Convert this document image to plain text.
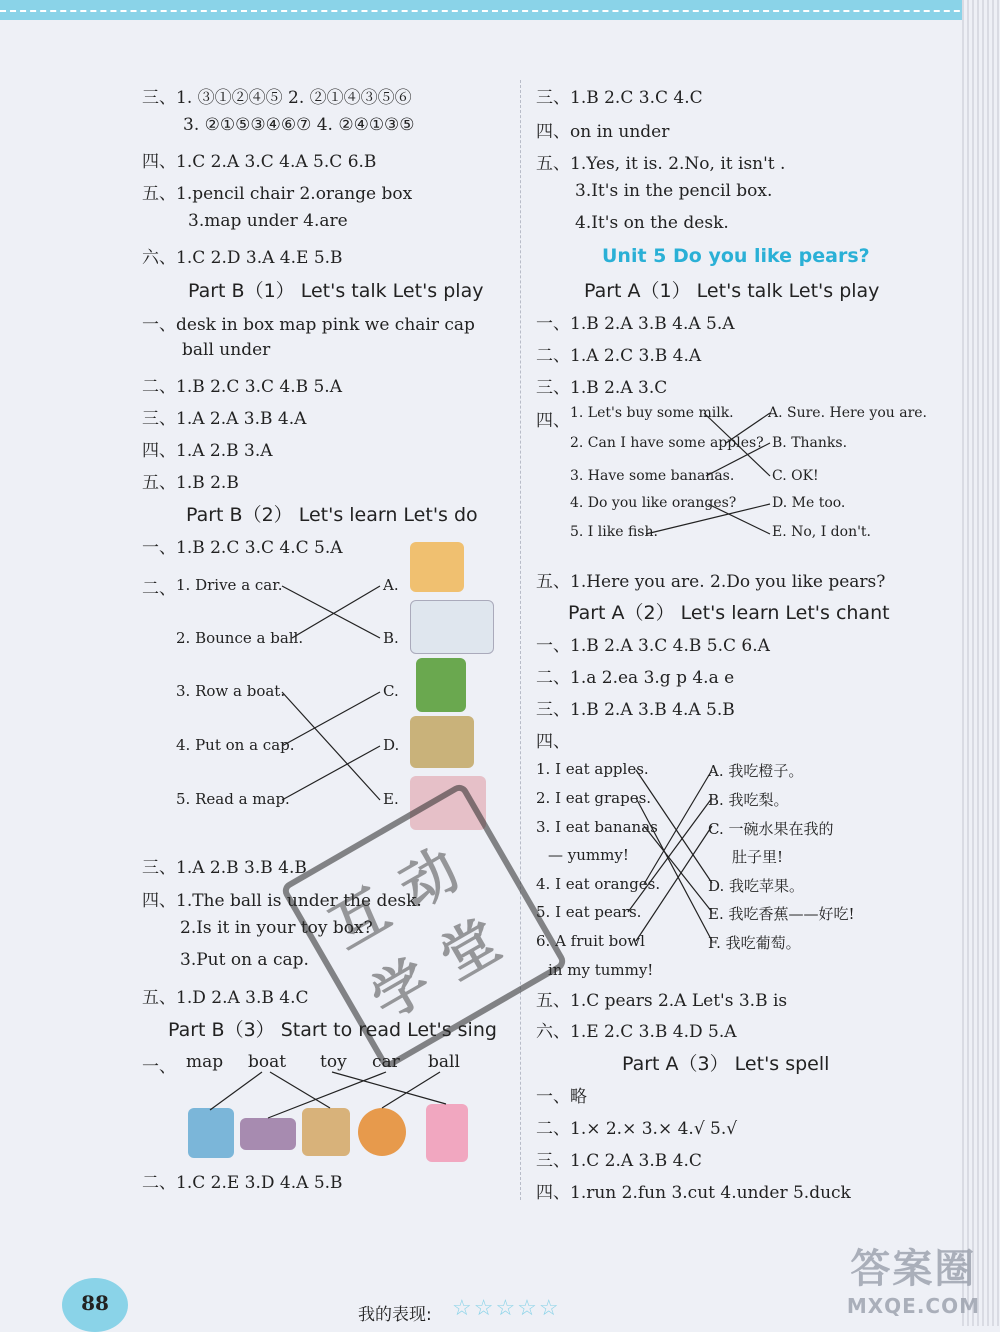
三、1. ③①②④⑤ 2. ②①④③⑤⑥
3. ②①⑤③④⑥⑦ 4. ②④①③⑤
四、1.C 2.A 3.C 4.A 5.C 6.B
五、1.pencil chair 2.orange box
3.map under 4.are
六、1.C 2.D 3.A 4.E 5.B
Part B（1） Let's talk Let's play
一、desk in box map pink we chair cap
ball under
二、1.B 2.C 3.C 4.B 5.A
三、1.A 2.A 3.B 4.A
四、1.A 2.B 3.A
五、1.B 2.B
Part B（2） Let's learn Let's do
一、1.B 2.C 3.C 4.C 5.A
二、 1. Drive a car.
2. Bounce a ball.
3. Row a boat.
4. Put on a cap.
5. Read a map.
A.
B.
C.
D.
E.
三、1.A 2.B 3.B 4.B
四、1.The ball is under the desk.
2.Is it in your toy box?
3.Put on a cap.
五、1.D 2.A 3.B 4.C
Part B（3） Start to read Let's sing
一、 map boat toy car ball
二、1.C 2.E 3.D 4.A 5.B
三、1.B 2.C 3.C 4.C
四、on in under
五、1.Yes, it is. 2.No, it isn't .
3.It's in the pencil box.
4.It's on the desk.
Unit 5 Do you like pears?
Part A（1） Let's talk Let's play
一、1.B 2.A 3.B 4.A 5.A
二、1.A 2.C 3.B 4.A
三、1.B 2.A 3.C
四、 1. Let's buy some milk.
2. Can I have some apples?
3. Have some bananas.
4. Do you like oranges?
5. I like fish.
A. Sure. Here you are.
B. Thanks.
C. OK!
D. Me too.
E. No, I don't.
五、1.Here you are. 2.Do you like pears?
Part A（2） Let's learn Let's chant
一、1.B 2.A 3.C 4.B 5.C 6.A
二、1.a 2.ea 3.g p 4.a e
三、1.B 2.A 3.B 4.A 5.B
四、
1. I eat apples.
2. I eat grapes.
3. I eat bananas
— yummy!
4. I eat oranges.
5. I eat pears.
6. A fruit bowl
in my tummy!
A. 我吃橙子。
B. 我吃梨。
C. 一碗水果在我的
肚子里!
D. 我吃苹果。
E. 我吃香蕉——好吃!
F. 我吃葡萄。
五、1.C pears 2.A Let's 3.B is
六、1.E 2.C 3.B 4.D 5.A
Part A（3） Let's spell
一、略
二、1.× 2.× 3.× 4.√ 5.√
三、1.C 2.A 3.B 4.C
四、1.run 2.fun 3.cut 4.under 5.duck
互
动
学
堂
88	我的表现: ☆☆☆☆☆
答案圈
MXQE.COM
